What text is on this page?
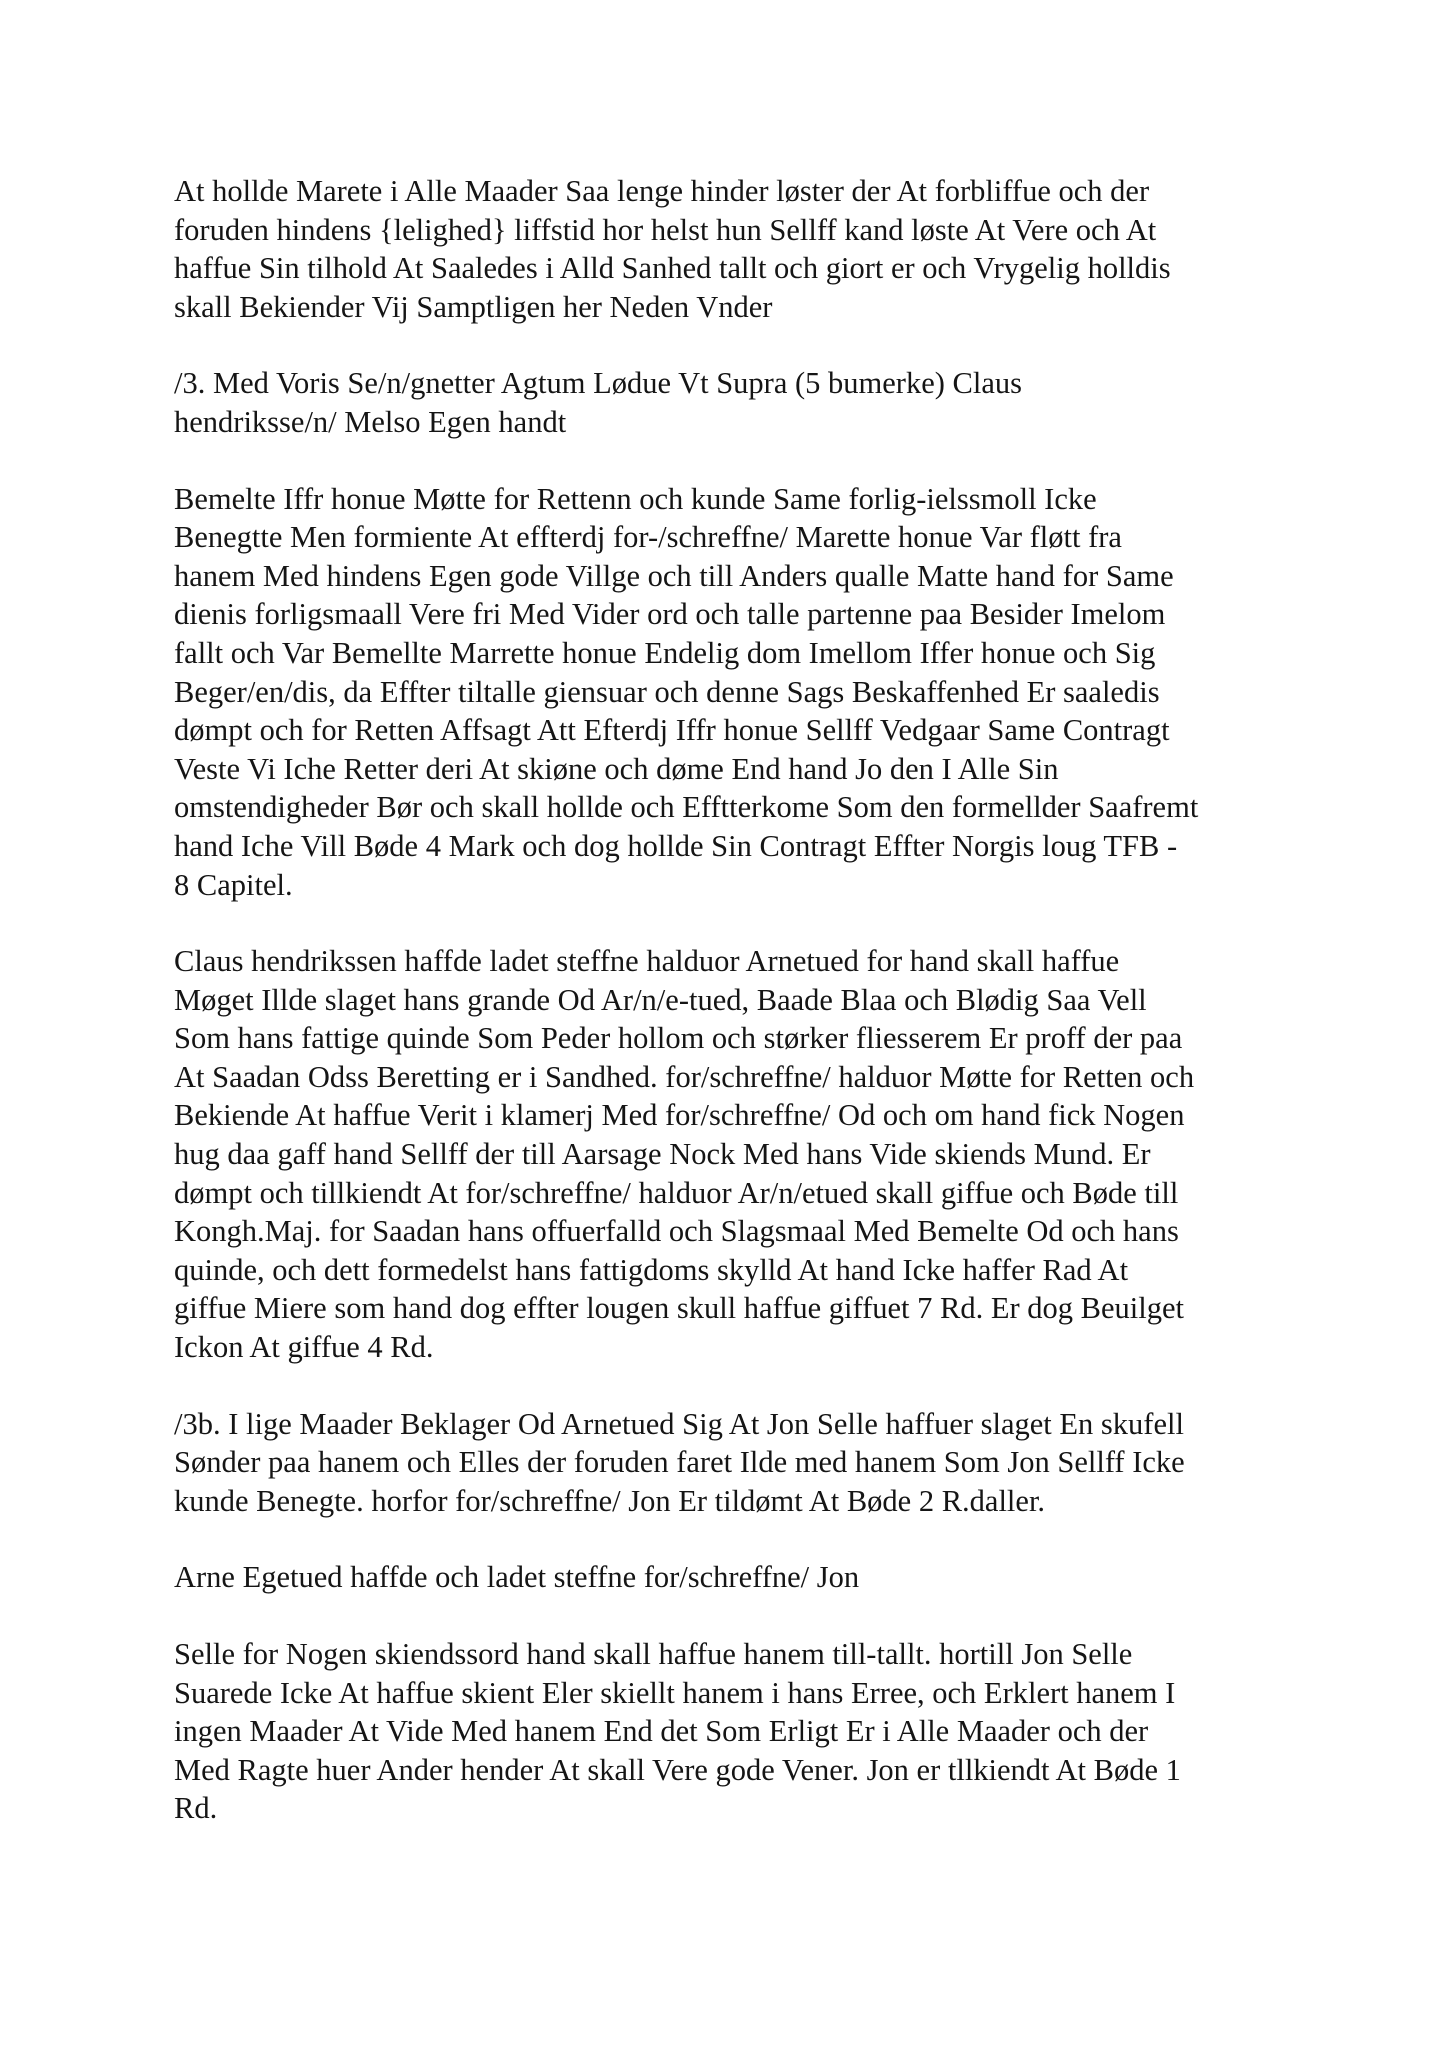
At hollde Marete i Alle Maader Saa lenge hinder løster der At forbliffue och der
foruden hindens {lelighed} liffstid hor helst hun Sellff kand løste At Vere och At
haffue Sin tilhold At Saaledes i Alld Sanhed tallt och giort er och Vrygelig holldis
skall Bekiender Vij Samptligen her Neden Vnder

/3. Med Voris Se/n/gnetter Agtum Lødue Vt Supra (5 bumerke) Claus
hendriksse/n/ Melso Egen handt

Bemelte Iffr honue Møtte for Rettenn och kunde Same forlig-ielssmoll Icke
Benegtte Men formiente At effterdj for-/schreffne/ Marette honue Var fløtt fra
hanem Med hindens Egen gode Villge och till Anders qualle Matte hand for Same
dienis forligsmaall Vere fri Med Vider ord och talle partenne paa Besider Imelom
fallt och Var Bemellte Marrette honue Endelig dom Imellom Iffer honue och Sig
Beger/en/dis, da Effter tiltalle giensuar och denne Sags Beskaffenhed Er saaledis
dømpt och for Retten Affsagt Att Efterdj Iffr honue Sellff Vedgaar Same Contragt
Veste Vi Iche Retter deri At skiøne och døme End hand Jo den I Alle Sin
omstendigheder Bør och skall hollde och Efftterkome Som den formellder Saafremt
hand Iche Vill Bøde 4 Mark och dog hollde Sin Contragt Effter Norgis loug TFB -
8 Capitel.

Claus hendrikssen haffde ladet steffne halduor Arnetued for hand skall haffue
Møget Illde slaget hans grande Od Ar/n/e-tued, Baade Blaa och Blødig Saa Vell
Som hans fattige quinde Som Peder hollom och størker fliesserem Er proff der paa
At Saadan Odss Beretting er i Sandhed. for/schreffne/ halduor Møtte for Retten och
Bekiende At haffue Verit i klamerj Med for/schreffne/ Od och om hand fick Nogen
hug daa gaff hand Sellff der till Aarsage Nock Med hans Vide skiends Mund. Er
dømpt och tillkiendt At for/schreffne/ halduor Ar/n/etued skall giffue och Bøde till
Kongh.Maj. for Saadan hans offuerfalld och Slagsmaal Med Bemelte Od och hans
quinde, och dett formedelst hans fattigdoms skylld At hand Icke haffer Rad At
giffue Miere som hand dog effter lougen skull haffue giffuet 7 Rd. Er dog Beuilget
Ickon At giffue 4 Rd.

/3b. I lige Maader Beklager Od Arnetued Sig At Jon Selle haffuer slaget En skufell
Sønder paa hanem och Elles der foruden faret Ilde med hanem Som Jon Sellff Icke
kunde Benegte. horfor for/schreffne/ Jon Er tildømt At Bøde 2 R.daller.

Arne Egetued haffde och ladet steffne for/schreffne/ Jon

Selle for Nogen skiendssord hand skall haffue hanem till-tallt. hortill Jon Selle
Suarede Icke At haffue skient Eler skiellt hanem i hans Erree, och Erklert hanem I
ingen Maader At Vide Med hanem End det Som Erligt Er i Alle Maader och der
Med Ragte huer Ander hender At skall Vere gode Vener. Jon er tllkiendt At Bøde 1
Rd.
